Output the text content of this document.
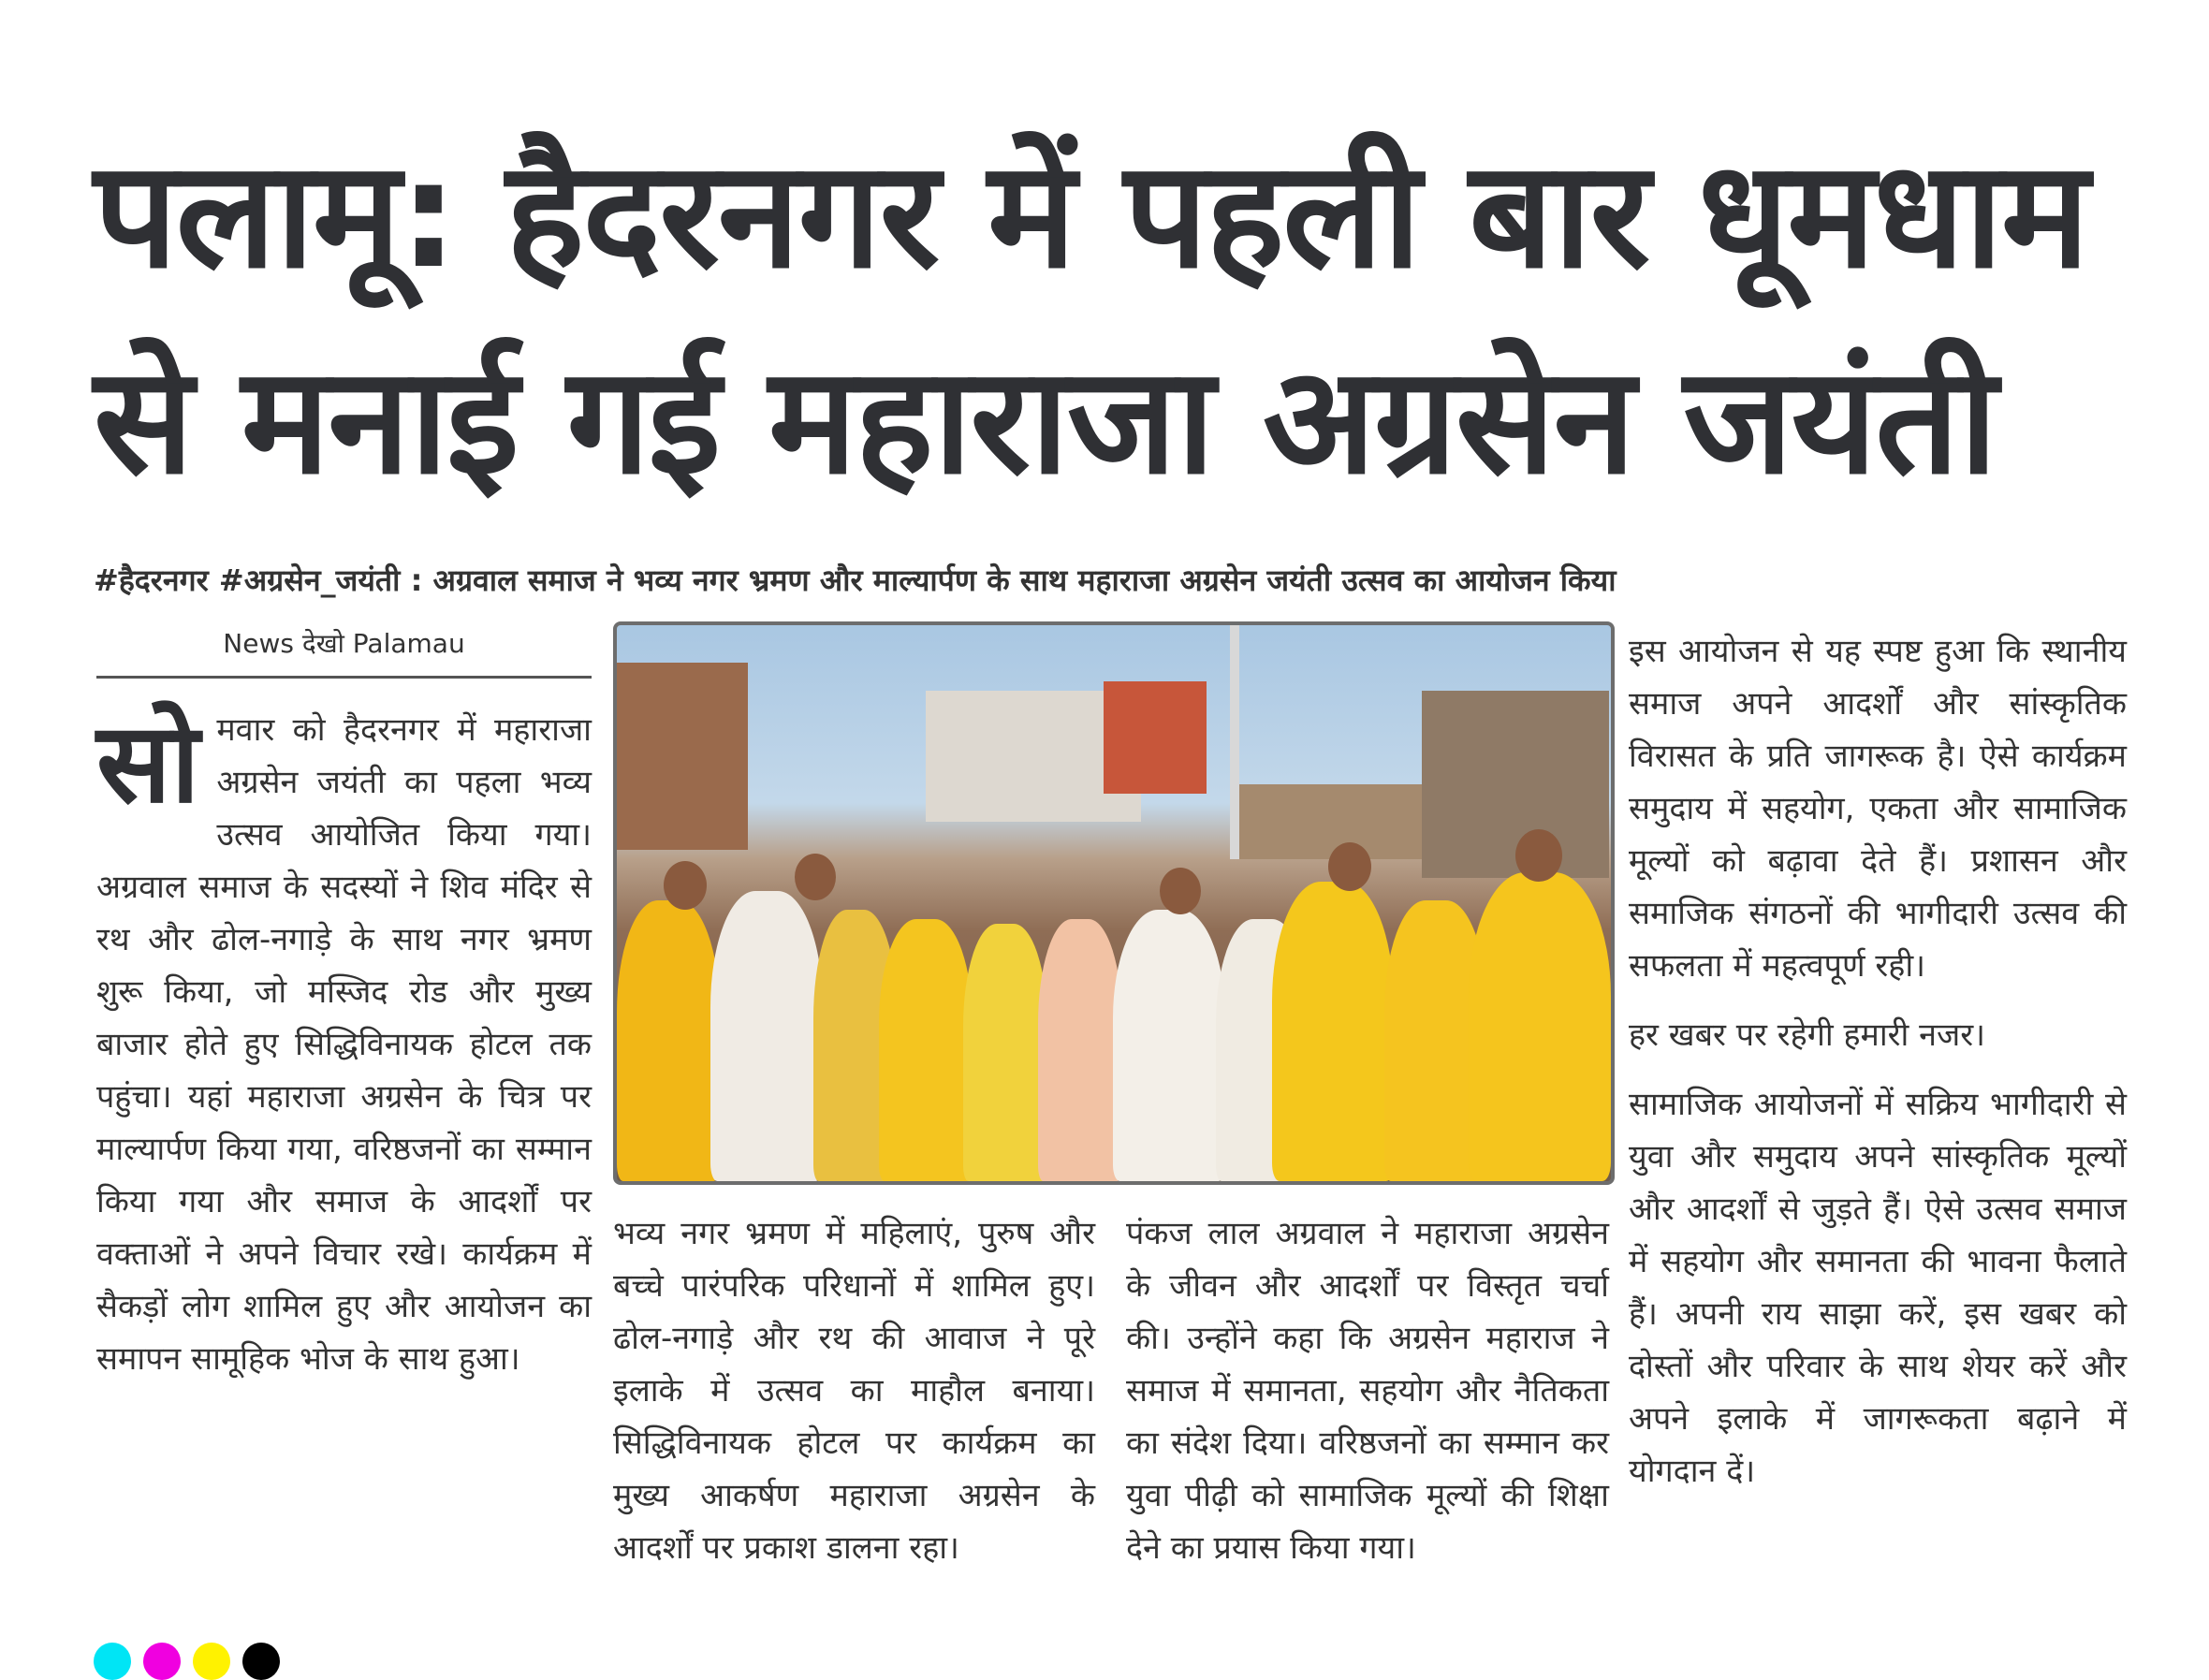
पलामू: हैदरनगर में पहली बार धूमधाम
से मनाई गई महाराजा अग्रसेन जयंती
#हैदरनगर #अग्रसेन_जयंती : अग्रवाल समाज ने भव्य नगर भ्रमण और माल्यार्पण के साथ महाराजा अग्रसेन जयंती उत्सव का आयोजन किया
News देखो Palamau
सो मवार को हैदरनगर में महाराजा अग्रसेन जयंती का पहला भव्य उत्सव आयोजित किया गया। अग्रवाल समाज के सदस्यों ने शिव मंदिर से रथ और ढोल-नगाड़े के साथ नगर भ्रमण शुरू किया, जो मस्जिद रोड और मुख्य बाजार होते हुए सिद्धिविनायक होटल तक पहुंचा। यहां महाराजा अग्रसेन के चित्र पर माल्यार्पण किया गया, वरिष्ठजनों का सम्मान किया गया और समाज के आदर्शों पर वक्ताओं ने अपने विचार रखे। कार्यक्रम में सैकड़ों लोग शामिल हुए और आयोजन का समापन सामूहिक भोज के साथ हुआ।
भव्य नगर भ्रमण में महिलाएं, पुरुष और बच्चे पारंपरिक परिधानों में शामिल हुए। ढोल-नगाड़े और रथ की आवाज ने पूरे इलाके में उत्सव का माहौल बनाया। सिद्धिविनायक होटल पर कार्यक्रम का मुख्य आकर्षण महाराजा अग्रसेन के आदर्शों पर प्रकाश डालना रहा।
पंकज लाल अग्रवाल ने महाराजा अग्रसेन के जीवन और आदर्शों पर विस्तृत चर्चा की। उन्होंने कहा कि अग्रसेन महाराज ने समाज में समानता, सहयोग और नैतिकता का संदेश दिया। वरिष्ठजनों का सम्मान कर युवा पीढ़ी को सामाजिक मूल्यों की शिक्षा देने का प्रयास किया गया।

इस आयोजन से यह स्पष्ट हुआ कि स्थानीय समाज अपने आदर्शों और सांस्कृतिक विरासत के प्रति जागरूक है। ऐसे कार्यक्रम समुदाय में सहयोग, एकता और सामाजिक मूल्यों को बढ़ावा देते हैं। प्रशासन और समाजिक संगठनों की भागीदारी उत्सव की सफलता में महत्वपूर्ण रही।

हर खबर पर रहेगी हमारी नजर।

सामाजिक आयोजनों में सक्रिय भागीदारी से युवा और समुदाय अपने सांस्कृतिक मूल्यों और आदर्शों से जुड़ते हैं। ऐसे उत्सव समाज में सहयोग और समानता की भावना फैलाते हैं। अपनी राय साझा करें, इस खबर को दोस्तों और परिवार के साथ शेयर करें और अपने इलाके में जागरूकता बढ़ाने में योगदान दें।
